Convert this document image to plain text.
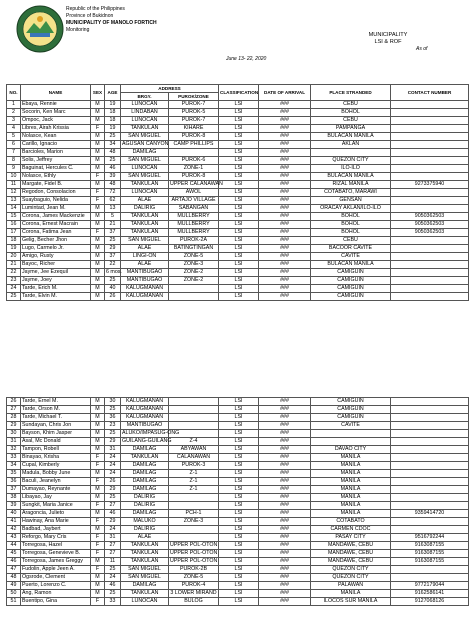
Republic of the Philippines
Province of Bukidnon
MUNICIPALITY OF MANOLO FORTICH
Monitoring
MUNICIPALITY
LSI & ROF
As of
June 13- 22, 2020
NO.	NAME	SEX	AGE	ADDRESS		CLASSIFICATION	DATE OF ARRIVAL	PLACE STRANDED	CONTACT NUMBER
				BRGY.	PUROK/ZONE				
1	Ebaya, Rennie	M	19	LUNOCAN	PUROK-7	LSI	###	CEBU	
2	Socorin, Ken Marc	M	18	LINDABAN	PUROK-5	LSI	###	BOHOL	
3	Ompoc, Jack	M	18	LUNOCAN	PUROK-7	LSI	###	CEBU	
4	Libres, Airah Krissia	F	19	TANKULAN	KIHARE	LSI	###	PAMPANGA	
5	Nolasce, Kean	M	25	SAN MIGUEL	PUROK-8	LSI	###	BULACAN MANILA	
6	Carillo, Ignacio	M	34	AGUSAN CANYON	CAMP PHILLIPS	LSI	###	AKLAN	
7	Barcioles, Marion	M	48	DAMILAG		LSI	###		
8	Solis, Jeffrey	M	25	SAN MIGUEL	PUROK-6	LSI	###	QUEZON CITY	
9	Baguinat, Hercules C.	M	46	LUNOCAN	ZONE-1	LSI	###	ILO-ILO	
10	Nolasce, Ethly	F	39	SAN MIGUEL	PUROK-8	LSI	###	BULACAN MANILA	
11	Margate, Fidel B.	M	48	TANKULAN	UPPER CALANAWAN	LSI	###	RIZAL MANILA	9273375940
12	Regodon, Consolacion	F	72	LUNOCAN	AWOL	LSI	###	COTABATO, MARAWI	
13	Suaybaguio, Nelida	F	62	ALAE	ARTAJO VILLAGE	LSI	###	GENSAN	
14	Lumintad, Jean M.	M	13	DALIRIG	SABANGAN	LSI	###	ORACAY AKLAN/ILO-ILO	
15	Corona, James Mackenzie	M	5	TANKULAN	MULLBERRY	LSI	###	BOHOL	9050362503
16	Corona, Ernest Macrain	M	21	TANKULAN	MULLBERRY	LSI	###	BOHOL	9050362503
17	Corona, Fatima Jean	F	37	TANKULAN	MULLBERRY	LSI	###	BOHOL	9050362503
18	Gelig, Becher Jhon	M	25	SAN MIGUEL	PUROK-2A	LSI	###	CEBU	
19	Lugo, Carmelo Jr.	M	29	ALAE	BATINGTINGAN	LSI	###	BACOOR CAVITE	
20	Amigo, Rusty	M	37	LINGI-ON	ZONE-5	LSI	###	CAVITE	
21	Bayoc, Richer	M	22	ALAE	ZONE-3	LSI	###	BULACAN MANILA	
22	Jayme, Jee Ezequil	M	6 mos.	MANTIBUGAO	ZONE-2	LSI	###	CAMIGUIN	
23	Jayme, Joey	M	25	MANTIBUGAO	ZONE-2	LSI	###	CAMIGUIN	
24	Tarde, Erich M.	M	40	KALUGMANAN		LSI	###	CAMIGUIN	
25	Tarde, Elvin M.	M	26	KALUGMANAN		LSI	###	CAMIGUIN	
26	Tarde, Ernel M.	M	30	KALUGMANAN		LSI	###	CAMIGUIN	
27	Tarde, Orson M.	M	25	KALUGMANAN		LSI	###	CAMIGUIN	
28	Tarde, Michael T.	M	36	KALUGMANAN		LSI	###	CAMIGUIN	
29	Sundayan, Chris Jon	M	23	MANTIBUGAO		LSI	###	CAVITE	
30	Bayson, Khim Jasper	M	25	ALUKO/IMPASUG-ONG		LSI	###		
31	Asal, Mc Donald	M	29	GUILANG-GUILANG	Z-4	LSI	###		
32	Tampon, Robell	M	31	DAMILAG	ABYAWAN	LSI	###	DAVAO CITY	
33	Binayao, Krisha	F	24	TANKULAN	CALANAWAN	LSI	###	MANILA	
34	Cupal, Kimberly	F	24	DAMILAG	PUROK-3	LSI	###	MANILA	
35	Madula, Bobby June	M	24	DAMILAG	Z-1	LSI	###	MANILA	
36	Baculi, Jeanelyn	F	26	DAMILAG	Z-1	LSI	###	MANILA	
37	Dumayao, Reynante	M	29	DAMILAG	Z-1	LSI	###	MANILA	
38	Libayao, Jay	M	25	DALIRIG		LSI	###	MANILA	
39	Sungkit, Maria Janice	F	27	DALIRIG		LSI	###	MANILA	
40	Aragoncia, Julieto	M	46	DAMILAG	PCH-1	LSI	###	MANILA	9359414720
41	Hawinay, Ana Marie	F	29	MALUKO	ZONE-3	LSI	###	COTABATO	
42	Badbad, Jaybert	M	24	DALIRIG		LSI	###	CARMEN CDOC	
43	Reforgo, Mary Cris	F	31	ALAE		LSI	###	PASAY CITY	9516792244
44	Torregosa, Hazel	F	27	TANKULAN	UPPER POL-OTON	LSI	###	MANDAWE, CEBU	9163087155
45	Torregosa, Genevieve B.	F	27	TANKULAN	UPPER POL-OTON	LSI	###	MANDAWE, CEBU	9163087155
46	Torregosa, James Greggy	M	11	TANKULAN	UPPER POL-OTON	LSI	###	MANDAWE, CEBU	9163087155
47	Fudolin, Apple Jeen A.	F	25	SAN MIGUEL	PUROK-2B	LSI	###	QUEZON CITY	
48	Ogsrode, Clement	M	24	SAN MIGUEL	ZONE-5	LSI	###	QUEZON CITY	
49	Puerto, Lorenzo C.	M	46	DAMILAG	PUROK-4	LSI	###	PALAWAN	9772179044
50	Ang, Ramon	M	25	TANKULAN	3 LOWER MIRAND	LSI	###	MANILA	9162586141
51	Buentipo, Gina	F	33	LUNOCAN	BULOG	LSI	###	ILOCOS SUR MANILA	9127068126
